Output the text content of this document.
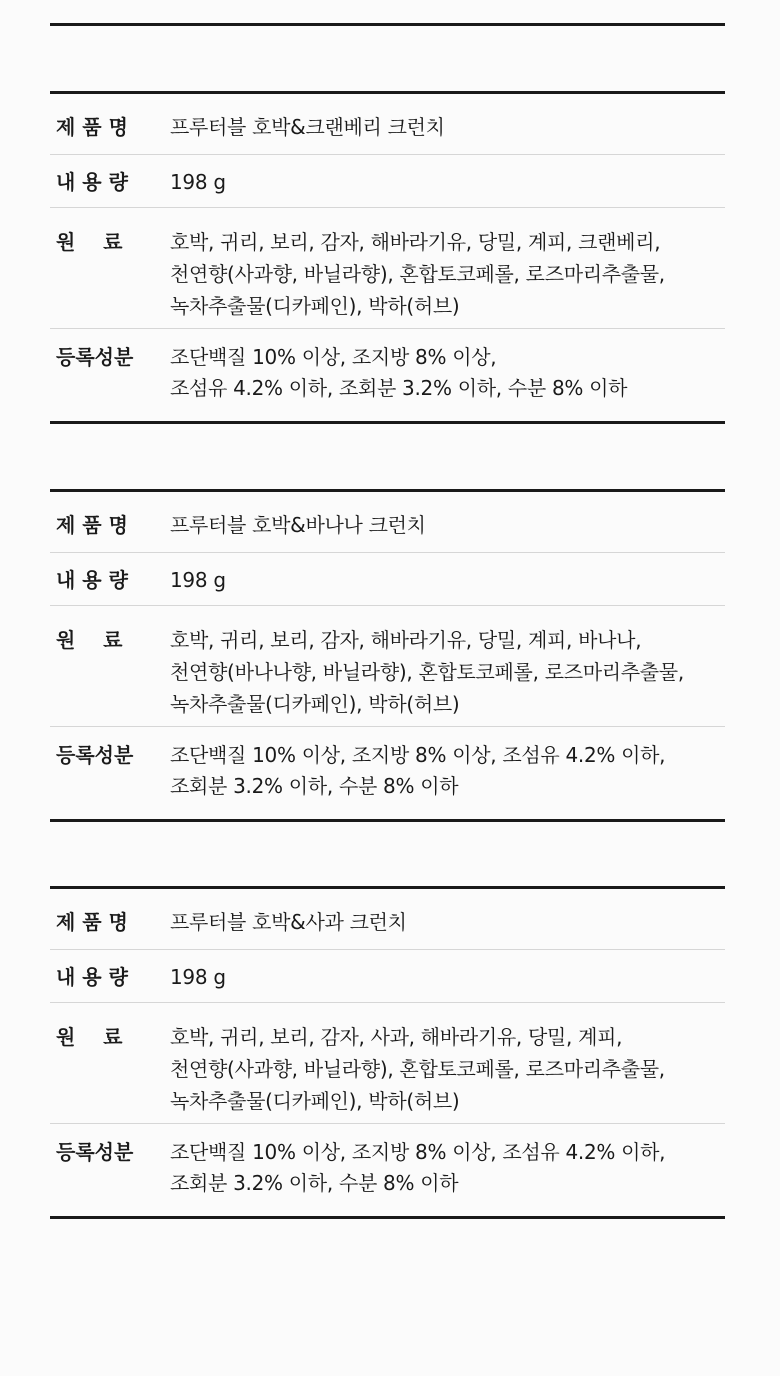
제 품 명	프루터블 호박&크랜베리 크런치
내 용 량	198 g
원    료	호박, 귀리, 보리, 감자, 해바라기유, 당밀, 계피, 크랜베리,
천연향(사과향, 바닐라향), 혼합토코페롤, 로즈마리추출물,
녹차추출물(디카페인), 박하(허브)
등록성분	조단백질 10% 이상, 조지방 8% 이상,
조섬유 4.2% 이하, 조회분 3.2% 이하, 수분 8% 이하
제 품 명	프루터블 호박&바나나 크런치
내 용 량	198 g
원    료	호박, 귀리, 보리, 감자, 해바라기유, 당밀, 계피, 바나나,
천연향(바나나향, 바닐라향), 혼합토코페롤, 로즈마리추출물,
녹차추출물(디카페인), 박하(허브)
등록성분	조단백질 10% 이상, 조지방 8% 이상, 조섬유 4.2% 이하,
조회분 3.2% 이하, 수분 8% 이하
제 품 명	프루터블 호박&사과 크런치
내 용 량	198 g
원    료	호박, 귀리, 보리, 감자, 사과, 해바라기유, 당밀, 계피,
천연향(사과향, 바닐라향), 혼합토코페롤, 로즈마리추출물,
녹차추출물(디카페인), 박하(허브)
등록성분	조단백질 10% 이상, 조지방 8% 이상, 조섬유 4.2% 이하,
조회분 3.2% 이하, 수분 8% 이하
